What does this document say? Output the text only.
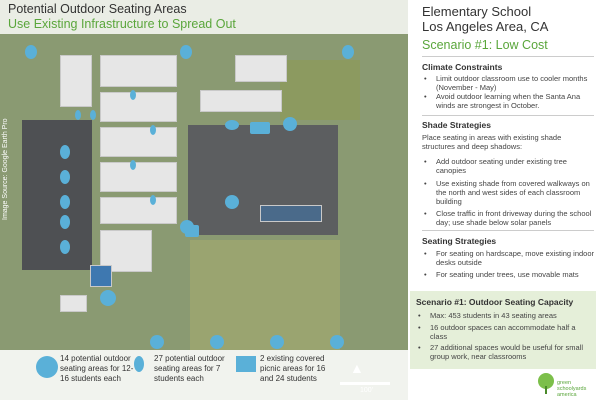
Potential Outdoor Seating Areas
Use Existing Infrastructure to Spread Out
Image Source: Google Earth Pro
14 potential outdoor seating areas for 12-16 students each
27 potential outdoor seating areas for 7 students each
2 existing covered picnic areas for 16 and 24 students
Elementary School
Los Angeles Area, CA
Scenario #1: Low Cost
Climate Constraints
• Limit outdoor classroom use to cooler months (November - May)
• Avoid outdoor learning when the Santa Ana winds are strongest in October.
Shade Strategies
Place seating in areas with existing shade structures and deep shadows:
• Add outdoor seating under existing tree canopies
• Use existing shade from covered walkways on the north and west sides of each classroom building
• Close traffic in front driveway during the school day; use shade below solar panels
Seating Strategies
• For seating on hardscape, move existing indoor desks outside
• For seating under trees, use movable mats
Scenario #1: Outdoor Seating Capacity
• Max: 453 students in 43 seating areas
• 16 outdoor spaces can accommodate half a class
• 27 additional spaces would be useful for small group work, near classrooms
green
schoolyards
america
